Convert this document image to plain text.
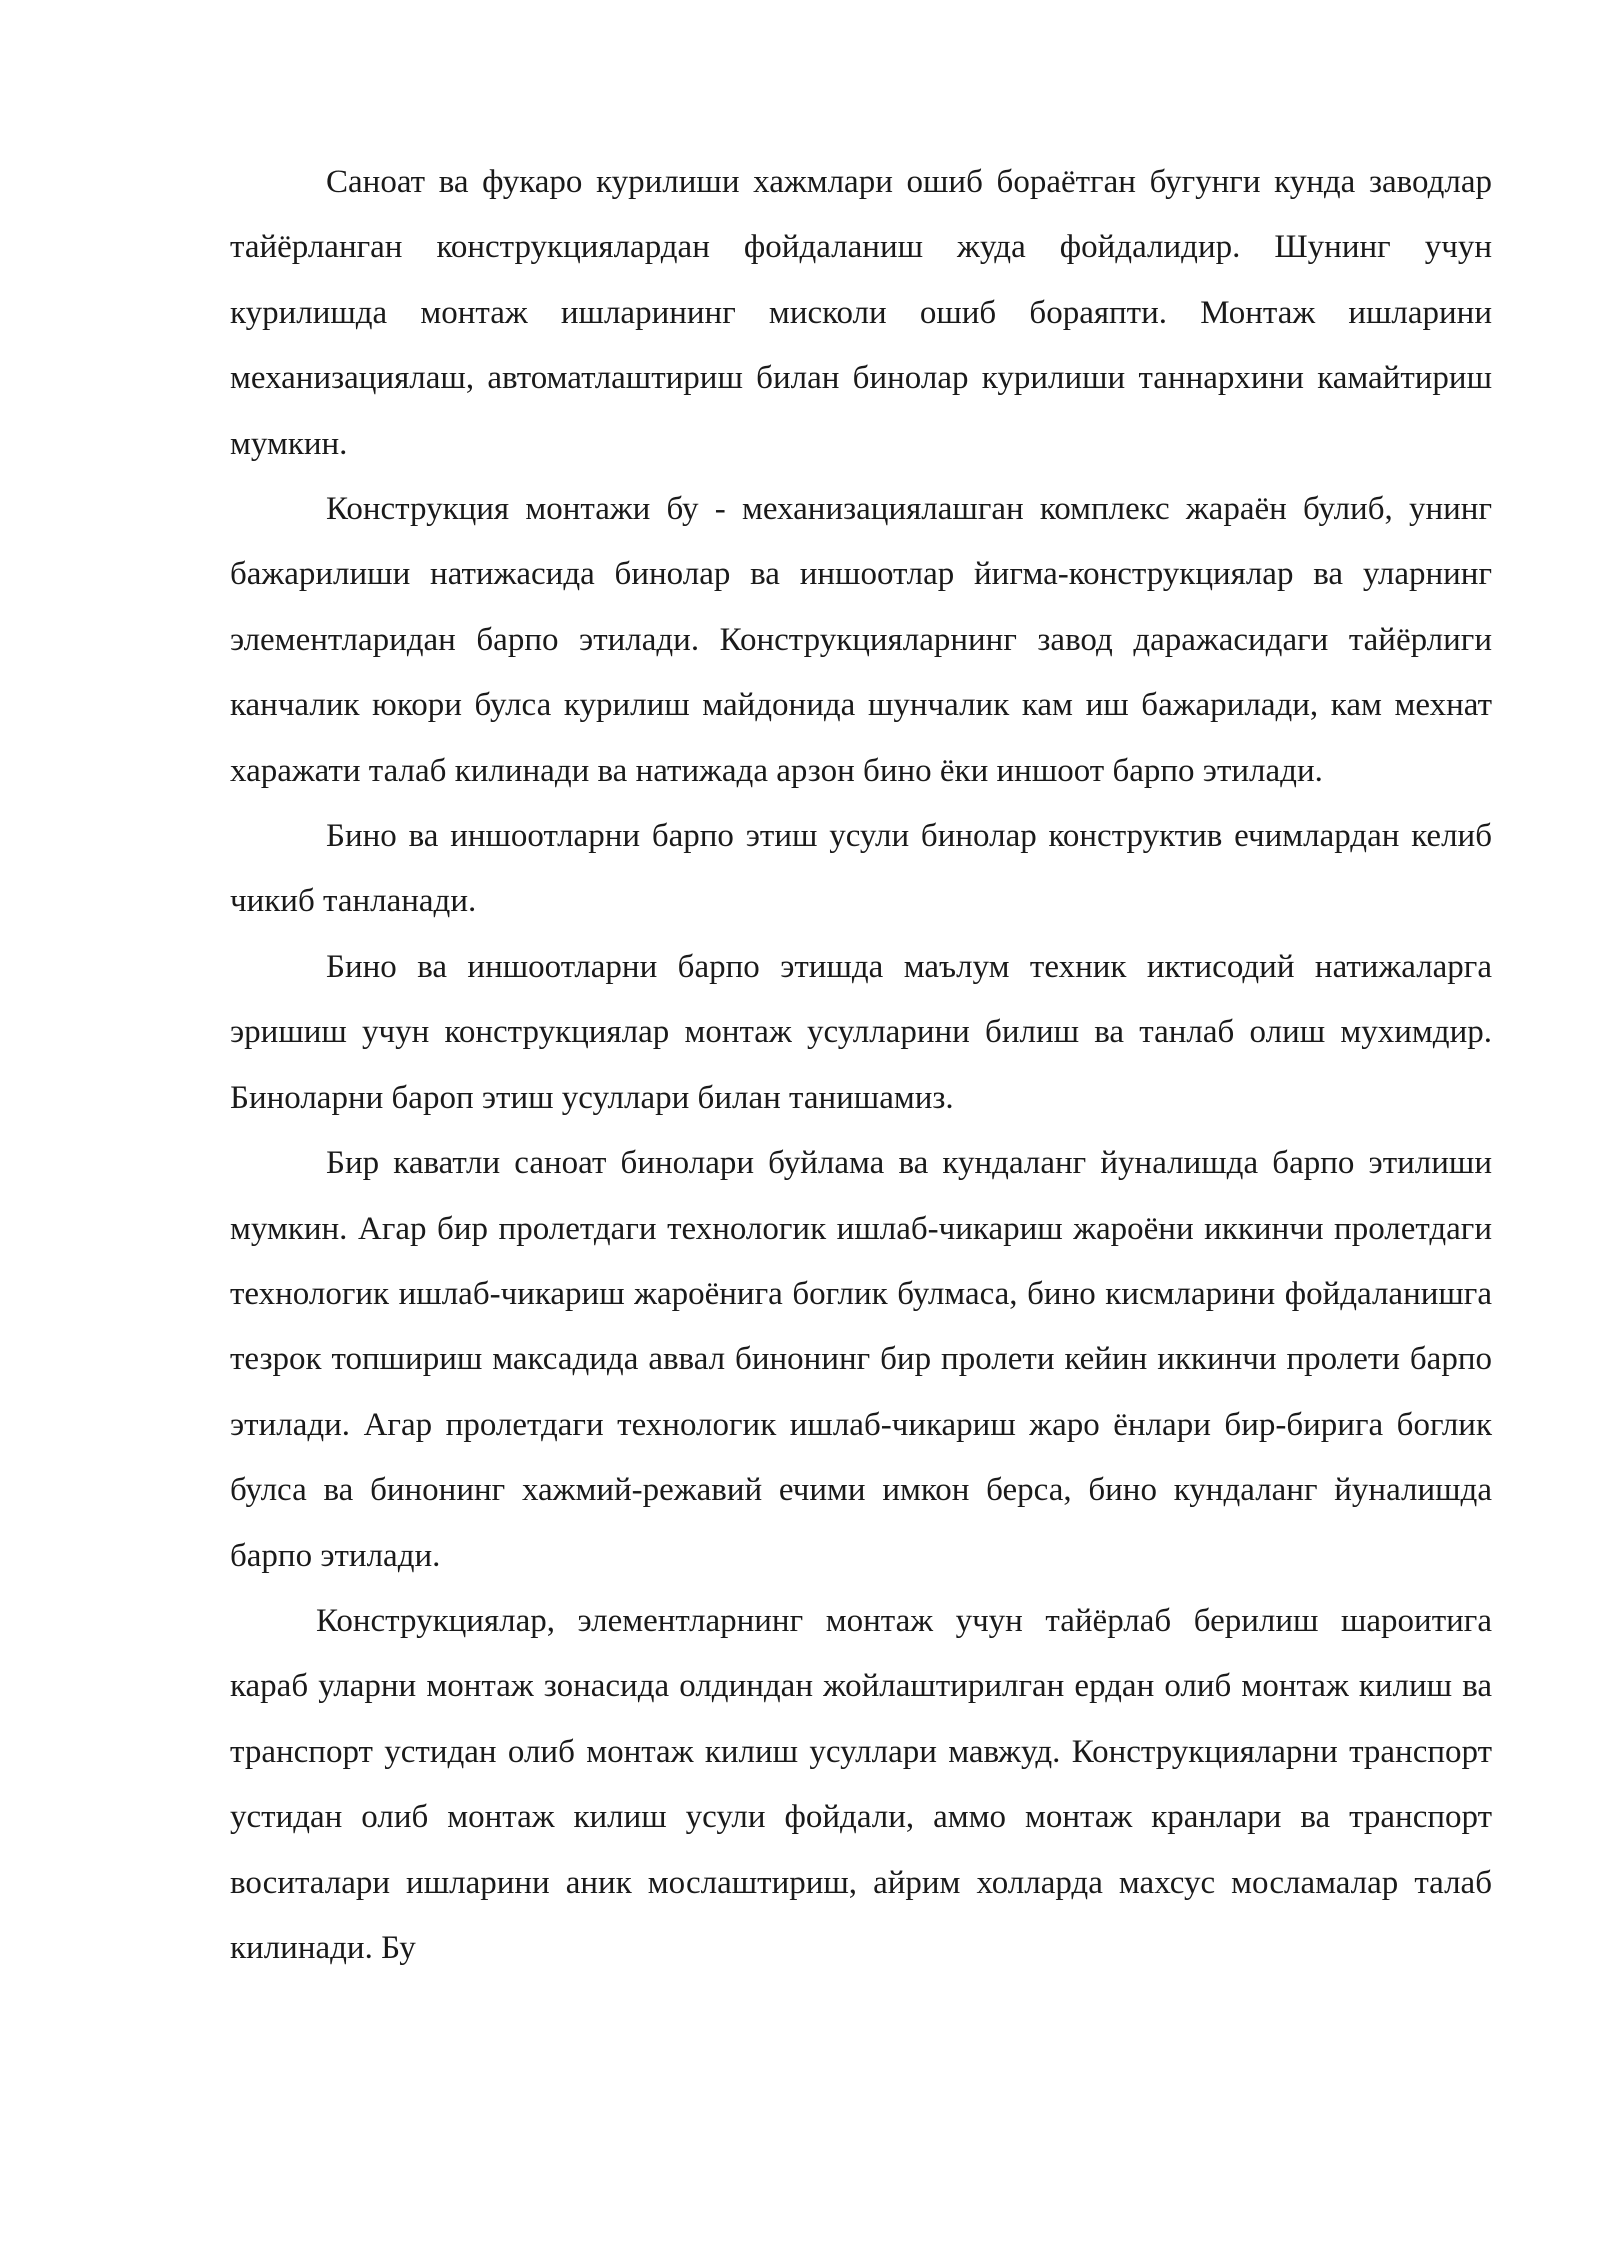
Саноат ва фукаро курилиши хажмлари ошиб бораётган бугунги кунда заводлар тайёрланган конструкциялардан фойдаланиш жуда фойдалидир. Шунинг учун курилишда монтаж ишларининг мисколи ошиб бораяпти. Монтаж ишларини механизациялаш, автоматлаштириш билан бинолар курилиши таннархини камайтириш мумкин.

Конструкция монтажи бу - механизациялашган комплекс жараён булиб, унинг бажарилиши натижасида бинолар ва иншоотлар йигма-конструкциялар ва уларнинг элементларидан барпо этилади. Конструкцияларнинг завод даражасидаги тайёрлиги канчалик юкори булса курилиш майдонида шунчалик кам иш бажарилади, кам мехнат харажати талаб килинади ва натижада арзон бино ёки иншоот барпо этилади.

Бино ва иншоотларни барпо этиш усули бинолар конструктив ечимлардан келиб чикиб танланади.

Бино ва иншоотларни барпо этишда маълум техник иктисодий натижаларга эришиш учун конструкциялар монтаж усулларини билиш ва танлаб олиш мухимдир. Биноларни бароп этиш усуллари билан танишамиз.

Бир каватли саноат бинолари буйлама ва кундаланг йуналишда барпо этилиши мумкин. Агар бир пролетдаги технологик ишлаб-чикариш жароёни иккинчи пролетдаги технологик ишлаб-чикариш жароёнига боглик булмаса, бино кисмларини фойдаланишга тезрок топшириш максадида аввал бинонинг бир пролети кейин иккинчи пролети барпо этилади. Агар пролетдаги технологик ишлаб-чикариш жаро ёнлари бир-бирига боглик булса ва бинонинг хажмий-режавий ечими имкон берса, бино кундаланг йуналишда барпо этилади.

Конструкциялар, элементларнинг монтаж учун тайёрлаб берилиш шароитига караб уларни монтаж зонасида олдиндан жойлаштирилган ердан олиб монтаж килиш ва транспорт устидан олиб монтаж килиш усуллари мавжуд. Конструкцияларни транспорт устидан олиб монтаж килиш усули фойдали, аммо монтаж кранлари ва транспорт воситалари ишларини аник мослаштириш, айрим холларда махсус мосламалар талаб килинади. Бу
